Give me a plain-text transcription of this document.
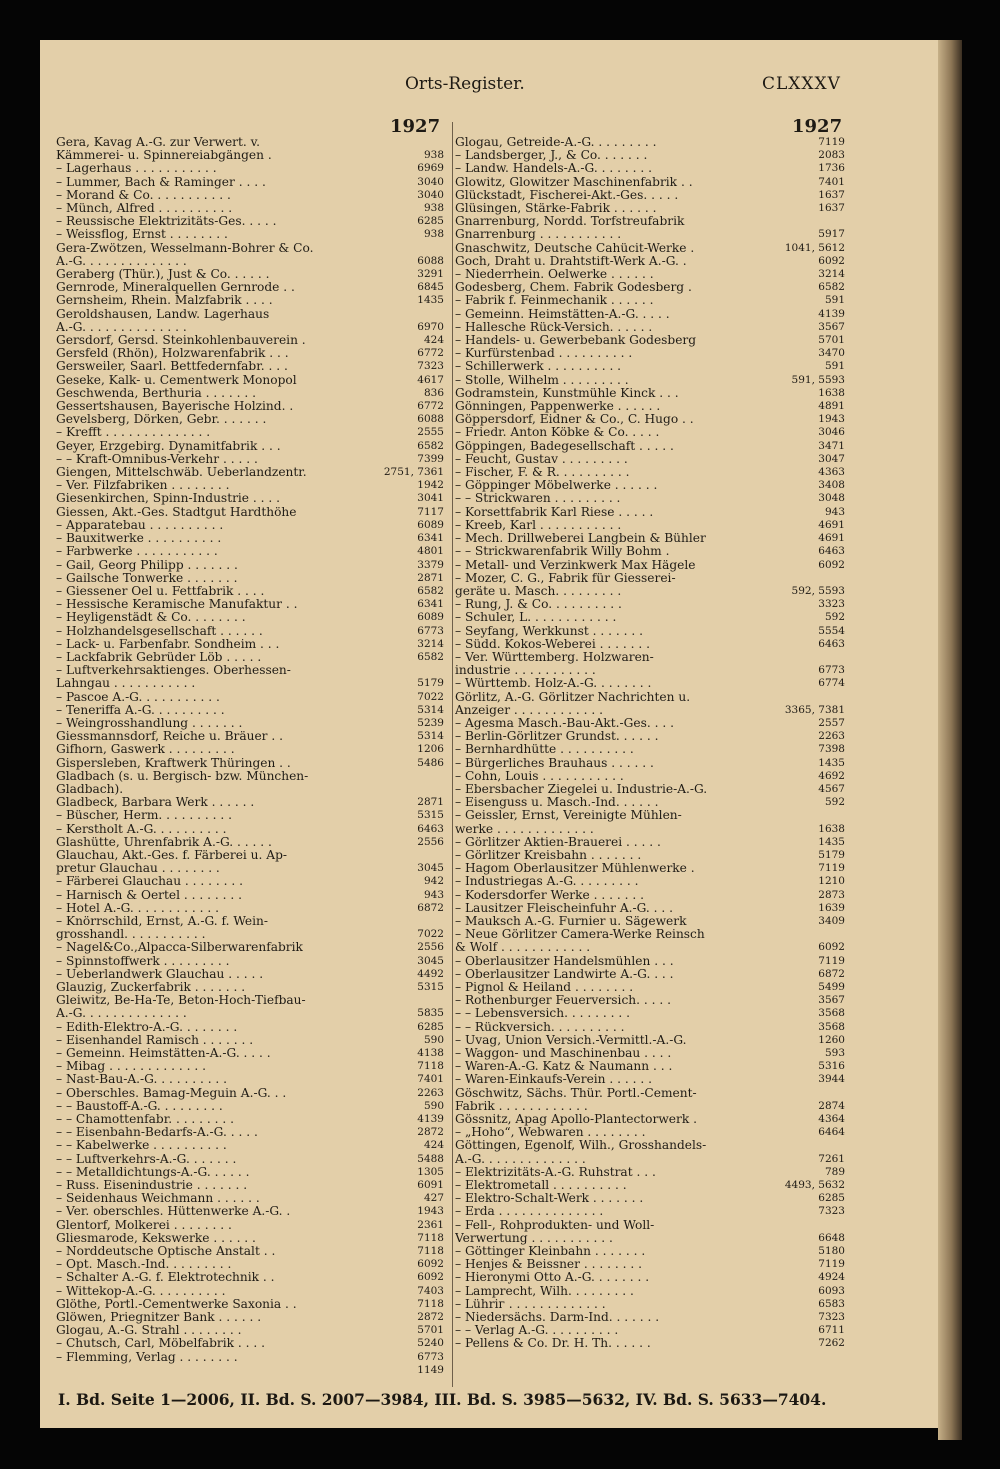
Orts-Register.	CLXXXV
1927	1927
Gera, Kavag A.-G. zur Verwert. v.
Kämmerei- u. Spinnereiabgängen .	938
– Lagerhaus . . . . . . . . . . .	6969
– Lummer, Bach & Raminger . . . .	3040
– Morand & Co. . . . . . . . . . .	3040
– Münch, Alfred . . . . . . . . . .	938
– Reussische Elektrizitäts-Ges. . . . .	6285
– Weissflog, Ernst . . . . . . . .	938
Gera-Zwötzen, Wesselmann-Bohrer & Co.
A.-G. . . . . . . . . . . . . .	6088
Geraberg (Thür.), Just & Co. . . . . .	3291
Gernrode, Mineralquellen Gernrode . .	6845
Gernsheim, Rhein. Malzfabrik . . . .	1435
Geroldshausen, Landw. Lagerhaus
A.-G. . . . . . . . . . . . . .	6970
Gersdorf, Gersd. Steinkohlenbauverein .	424
Gersfeld (Rhön), Holzwarenfabrik . . .	6772
Gersweiler, Saarl. Bettfedernfabr. . . .	7323
Geseke, Kalk- u. Cementwerk Monopol	4617
Geschwenda, Berthuria . . . . . . .	836
Gessertshausen, Bayerische Holzind. .	6772
Gevelsberg, Dörken, Gebr. . . . . . .	6088
– Krefft . . . . . . . . . . . . . .	2555
Geyer, Erzgebirg. Dynamitfabrik . . .	6582
– – Kraft-Omnibus-Verkehr . . . . .	7399
Giengen, Mittelschwäb. Ueberlandzentr.	2751, 7361
– Ver. Filzfabriken . . . . . . . .	1942
Giesenkirchen, Spinn-Industrie . . . .	3041
Giessen, Akt.-Ges. Stadtgut Hardthöhe	7117
– Apparatebau . . . . . . . . . .	6089
– Bauxitwerke . . . . . . . . . .	6341
– Farbwerke . . . . . . . . . . .	4801
– Gail, Georg Philipp . . . . . . .	3379
– Gailsche Tonwerke . . . . . . .	2871
– Giessener Oel u. Fettfabrik . . . .	6582
– Hessische Keramische Manufaktur . .	6341
– Heyligenstädt & Co. . . . . . . .	6089
– Holzhandelsgesellschaft . . . . . .	6773
– Lack- u. Farbenfabr. Sondheim . . .	3214
– Lackfabrik Gebrüder Löb . . . . .	6582
– Luftverkehrsaktienges. Oberhessen-
Lahngau . . . . . . . . . . .	5179
– Pascoe A.-G. . . . . . . . . . .	7022
– Teneriffa A.-G. . . . . . . . . .	5314
– Weingrosshandlung . . . . . . .	5239
Giessmannsdorf, Reiche u. Bräuer . .	5314
Gifhorn, Gaswerk . . . . . . . . .	1206
Gispersleben, Kraftwerk Thüringen . .	5486
Gladbach (s. u. Bergisch- bzw. München-
Gladbach).
Gladbeck, Barbara Werk . . . . . .	2871
– Büscher, Herm. . . . . . . . . .	5315
– Kerstholt A.-G. . . . . . . . . .	6463
Glashütte, Uhrenfabrik A.-G. . . . . .	2556
Glauchau, Akt.-Ges. f. Färberei u. Ap-
pretur Glauchau . . . . . . . .	3045
– Färberei Glauchau . . . . . . . .	942
– Harnisch & Oertel . . . . . . . .	943
– Hotel A.-G. . . . . . . . . . . .	6872
– Knörrschild, Ernst, A.-G. f. Wein-
grosshandl. . . . . . . . . . .	7022
– Nagel&Co.,Alpacca-Silberwarenfabrik	2556
– Spinnstoffwerk . . . . . . . . .	3045
– Ueberlandwerk Glauchau . . . . .	4492
Glauzig, Zuckerfabrik . . . . . . .	5315
Gleiwitz, Be-Ha-Te, Beton-Hoch-Tiefbau-
A.-G. . . . . . . . . . . . . .	5835
– Edith-Elektro-A.-G. . . . . . . .	6285
– Eisenhandel Ramisch . . . . . . .	590
– Gemeinn. Heimstätten-A.-G. . . . .	4138
– Mibag . . . . . . . . . . . . .	7118
– Nast-Bau-A.-G. . . . . . . . . .	7401
– Oberschles. Bamag-Meguin A.-G. . .	2263
– – Baustoff-A.-G. . . . . . . . .	590
– – Chamottenfabr. . . . . . . . .	4139
– – Eisenbahn-Bedarfs-A.-G. . . . .	2872
– – Kabelwerke . . . . . . . . . .	424
– – Luftverkehrs-A.-G. . . . . . .	5488
– – Metalldichtungs-A.-G. . . . . .	1305
– Russ. Eisenindustrie . . . . . . .	6091
– Seidenhaus Weichmann . . . . . .	427
– Ver. oberschles. Hüttenwerke A.-G. .	1943
Glentorf, Molkerei . . . . . . . .	2361
Gliesmarode, Kekswerke . . . . . .	7118
– Norddeutsche Optische Anstalt . .	7118
– Opt. Masch.-Ind. . . . . . . . .	6092
– Schalter A.-G. f. Elektrotechnik . .	6092
– Wittekop-A.-G. . . . . . . . . .	7403
Glöthe, Portl.-Cementwerke Saxonia . .	7118
Glöwen, Priegnitzer Bank . . . . . .	2872
Glogau, A.-G. Strahl . . . . . . . .	5701
– Chutsch, Carl, Möbelfabrik . . . .	5240
– Flemming, Verlag . . . . . . . .	6773
1149
Glogau, Getreide-A.-G. . . . . . . . .	7119
– Landsberger, J., & Co. . . . . . .	2083
– Landw. Handels-A.-G. . . . . . . .	1736
Glowitz, Glowitzer Maschinenfabrik . .	7401
Glückstadt, Fischerei-Akt.-Ges. . . . .	1637
Glüsingen, Stärke-Fabrik . . . . . .	1637
Gnarrenburg, Nordd. Torfstreufabrik
Gnarrenburg . . . . . . . . . . .	5917
Gnaschwitz, Deutsche Cahücit-Werke .	1041, 5612
Goch, Draht u. Drahtstift-Werk A.-G. .	6092
– Niederrhein. Oelwerke . . . . . .	3214
Godesberg, Chem. Fabrik Godesberg .	6582
– Fabrik f. Feinmechanik . . . . . .	591
– Gemeinn. Heimstätten-A.-G. . . . .	4139
– Hallesche Rück-Versich. . . . . .	3567
– Handels- u. Gewerbebank Godesberg	5701
– Kurfürstenbad . . . . . . . . . .	3470
– Schillerwerk . . . . . . . . . .	591
– Stolle, Wilhelm . . . . . . . . .	591, 5593
Godramstein, Kunstmühle Kinck . . .	1638
Gönningen, Pappenwerke . . . . . .	4891
Göppersdorf, Eidner & Co., C. Hugo . .	1943
– Friedr. Anton Köbke & Co. . . . .	3046
Göppingen, Badegesellschaft . . . . .	3471
– Feucht, Gustav . . . . . . . . .	3047
– Fischer, F. & R. . . . . . . . . .	4363
– Göppinger Möbelwerke . . . . . .	3408
– – Strickwaren . . . . . . . . .	3048
– Korsettfabrik Karl Riese . . . . .	943
– Kreeb, Karl . . . . . . . . . . .	4691
– Mech. Drillweberei Langbein & Bühler	4691
– – Strickwarenfabrik Willy Bohm .	6463
– Metall- und Verzinkwerk Max Hägele	6092
– Mozer, C. G., Fabrik für Giesserei-
geräte u. Masch. . . . . . . . .	592, 5593
– Rung, J. & Co. . . . . . . . . .	3323
– Schuler, L. . . . . . . . . . . .	592
– Seyfang, Werkkunst . . . . . . .	5554
– Südd. Kokos-Weberei . . . . . . .	6463
– Ver. Württemberg. Holzwaren-
industrie . . . . . . . . . . .	6773
– Württemb. Holz-A.-G. . . . . . . .	6774
Görlitz, A.-G. Görlitzer Nachrichten u.
Anzeiger . . . . . . . . . . . .	3365, 7381
– Agesma Masch.-Bau-Akt.-Ges. . . .	2557
– Berlin-Görlitzer Grundst. . . . . .	2263
– Bernhardhütte . . . . . . . . . .	7398
– Bürgerliches Brauhaus . . . . . .	1435
– Cohn, Louis . . . . . . . . . . .	4692
– Ebersbacher Ziegelei u. Industrie-A.-G.	4567
– Eisenguss u. Masch.-Ind. . . . . .	592
– Geissler, Ernst, Vereinigte Mühlen-
werke . . . . . . . . . . . . .	1638
– Görlitzer Aktien-Brauerei . . . . .	1435
– Görlitzer Kreisbahn . . . . . . .	5179
– Hagom Oberlausitzer Mühlenwerke .	7119
– Industriegas A.-G. . . . . . . . .	1210
– Kodersdorfer Werke . . . . . . .	2873
– Lausitzer Fleischeinfuhr A.-G. . . .	1639
– Mauksch A.-G. Furnier u. Sägewerk	3409
– Neue Görlitzer Camera-Werke Reinsch
& Wolf . . . . . . . . . . . .	6092
– Oberlausitzer Handelsmühlen . . .	7119
– Oberlausitzer Landwirte A.-G. . . .	6872
– Pignol & Heiland . . . . . . . .	5499
– Rothenburger Feuerversich. . . . .	3567
– – Lebensversich. . . . . . . . .	3568
– – Rückversich. . . . . . . . . .	3568
– Uvag, Union Versich.-Vermittl.-A.-G.	1260
– Waggon- und Maschinenbau . . . .	593
– Waren-A.-G. Katz & Naumann . . .	5316
– Waren-Einkaufs-Verein . . . . . .	3944
Göschwitz, Sächs. Thür. Portl.-Cement-
Fabrik . . . . . . . . . . . .	2874
Gössnitz, Apag Apollo-Plantectorwerk .	4364
– „Hoho“, Webwaren . . . . . . . .	6464
Göttingen, Egenolf, Wilh., Grosshandels-
A.-G. . . . . . . . . . . . . .	7261
– Elektrizitäts-A.-G. Ruhstrat . . .	789
– Elektrometall . . . . . . . . . .	4493, 5632
– Elektro-Schalt-Werk . . . . . . .	6285
– Erda . . . . . . . . . . . . . .	7323
– Fell-, Rohprodukten- und Woll-
Verwertung . . . . . . . . . . .	6648
– Göttinger Kleinbahn . . . . . . .	5180
– Henjes & Beissner . . . . . . . .	7119
– Hieronymi Otto A.-G. . . . . . . .	4924
– Lamprecht, Wilh. . . . . . . . .	6093
– Lühriг . . . . . . . . . . . . .	6583
– Niedersächs. Darm-Ind. . . . . . .	7323
– – Verlag A.-G. . . . . . . . . .	6711
– Pellens & Co. Dr. H. Th. . . . . .	7262
I. Bd. Seite 1—2006, II. Bd. S. 2007—3984, III. Bd. S. 3985—5632, IV. Bd. S. 5633—7404.
